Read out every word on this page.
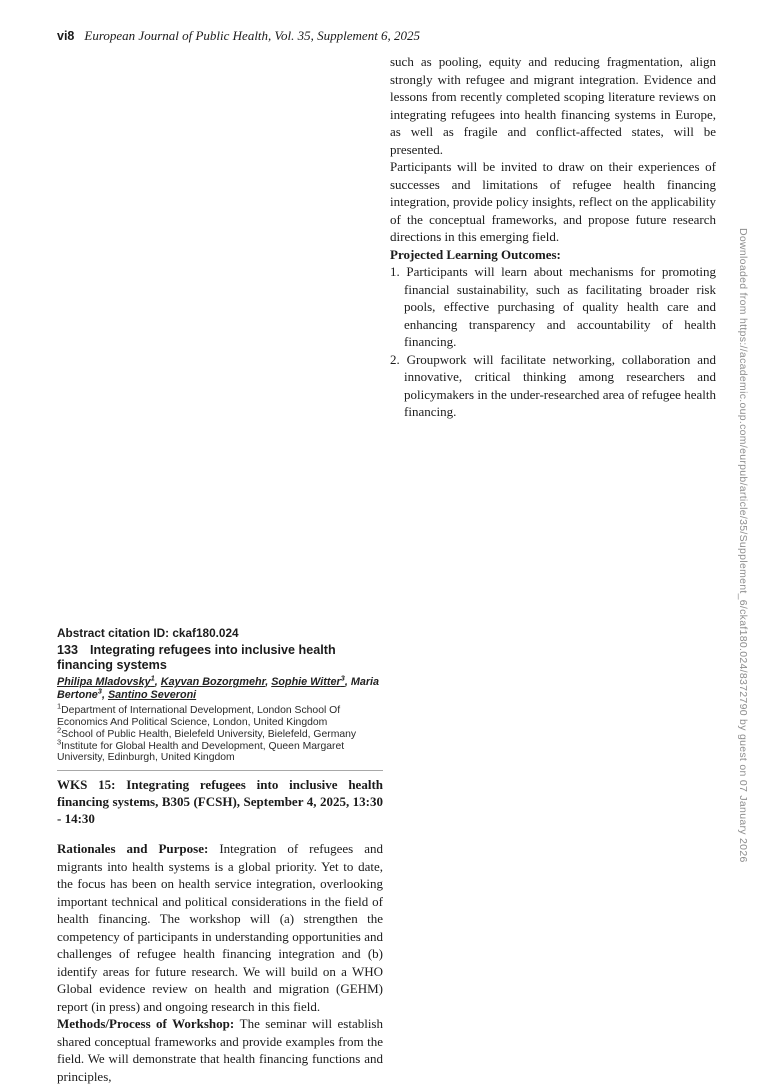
vi8 European Journal of Public Health, Vol. 35, Supplement 6, 2025
such as pooling, equity and reducing fragmentation, align strongly with refugee and migrant integration. Evidence and lessons from recently completed scoping literature reviews on integrating refugees into health financing systems in Europe, as well as fragile and conflict-affected states, will be presented.
Participants will be invited to draw on their experiences of successes and limitations of refugee health financing integration, provide policy insights, reflect on the applicability of the conceptual frameworks, and propose future research directions in this emerging field.
Projected Learning Outcomes:
1. Participants will learn about mechanisms for promoting financial sustainability, such as facilitating broader risk pools, effective purchasing of quality health care and enhancing transparency and accountability of health financing.
2. Groupwork will facilitate networking, collaboration and innovative, critical thinking among researchers and policymakers in the under-researched area of refugee health financing.
Abstract citation ID: ckaf180.024
133 Integrating refugees into inclusive health financing systems
Philipa Mladovsky$^1$, Kayvan Bozorgmehr, Sophie Witter$^3$, Maria Bertone$^3$, Santino Severoni
$^1$Department of International Development, London School Of Economics And Political Science, London, United Kingdom
$^2$School of Public Health, Bielefeld University, Bielefeld, Germany
$^3$Institute for Global Health and Development, Queen Margaret University, Edinburgh, United Kingdom
WKS 15: Integrating refugees into inclusive health financing systems, B305 (FCSH), September 4, 2025, 13:30 - 14:30
Rationales and Purpose: Integration of refugees and migrants into health systems is a global priority. Yet to date, the focus has been on health service integration, overlooking important technical and political considerations in the field of health financing. The workshop will (a) strengthen the competency of participants in understanding opportunities and challenges of refugee health financing integration and (b) identify areas for future research. We will build on a WHO Global evidence review on health and migration (GEHM) report (in press) and ongoing research in this field.
Methods/Process of Workshop: The seminar will establish shared conceptual frameworks and provide examples from the field. We will demonstrate that health financing functions and principles,
Downloaded from https://academic.oup.com/eurpub/article/35/Supplement_6/ckaf180.024/8372790 by guest on 07 January 2026
